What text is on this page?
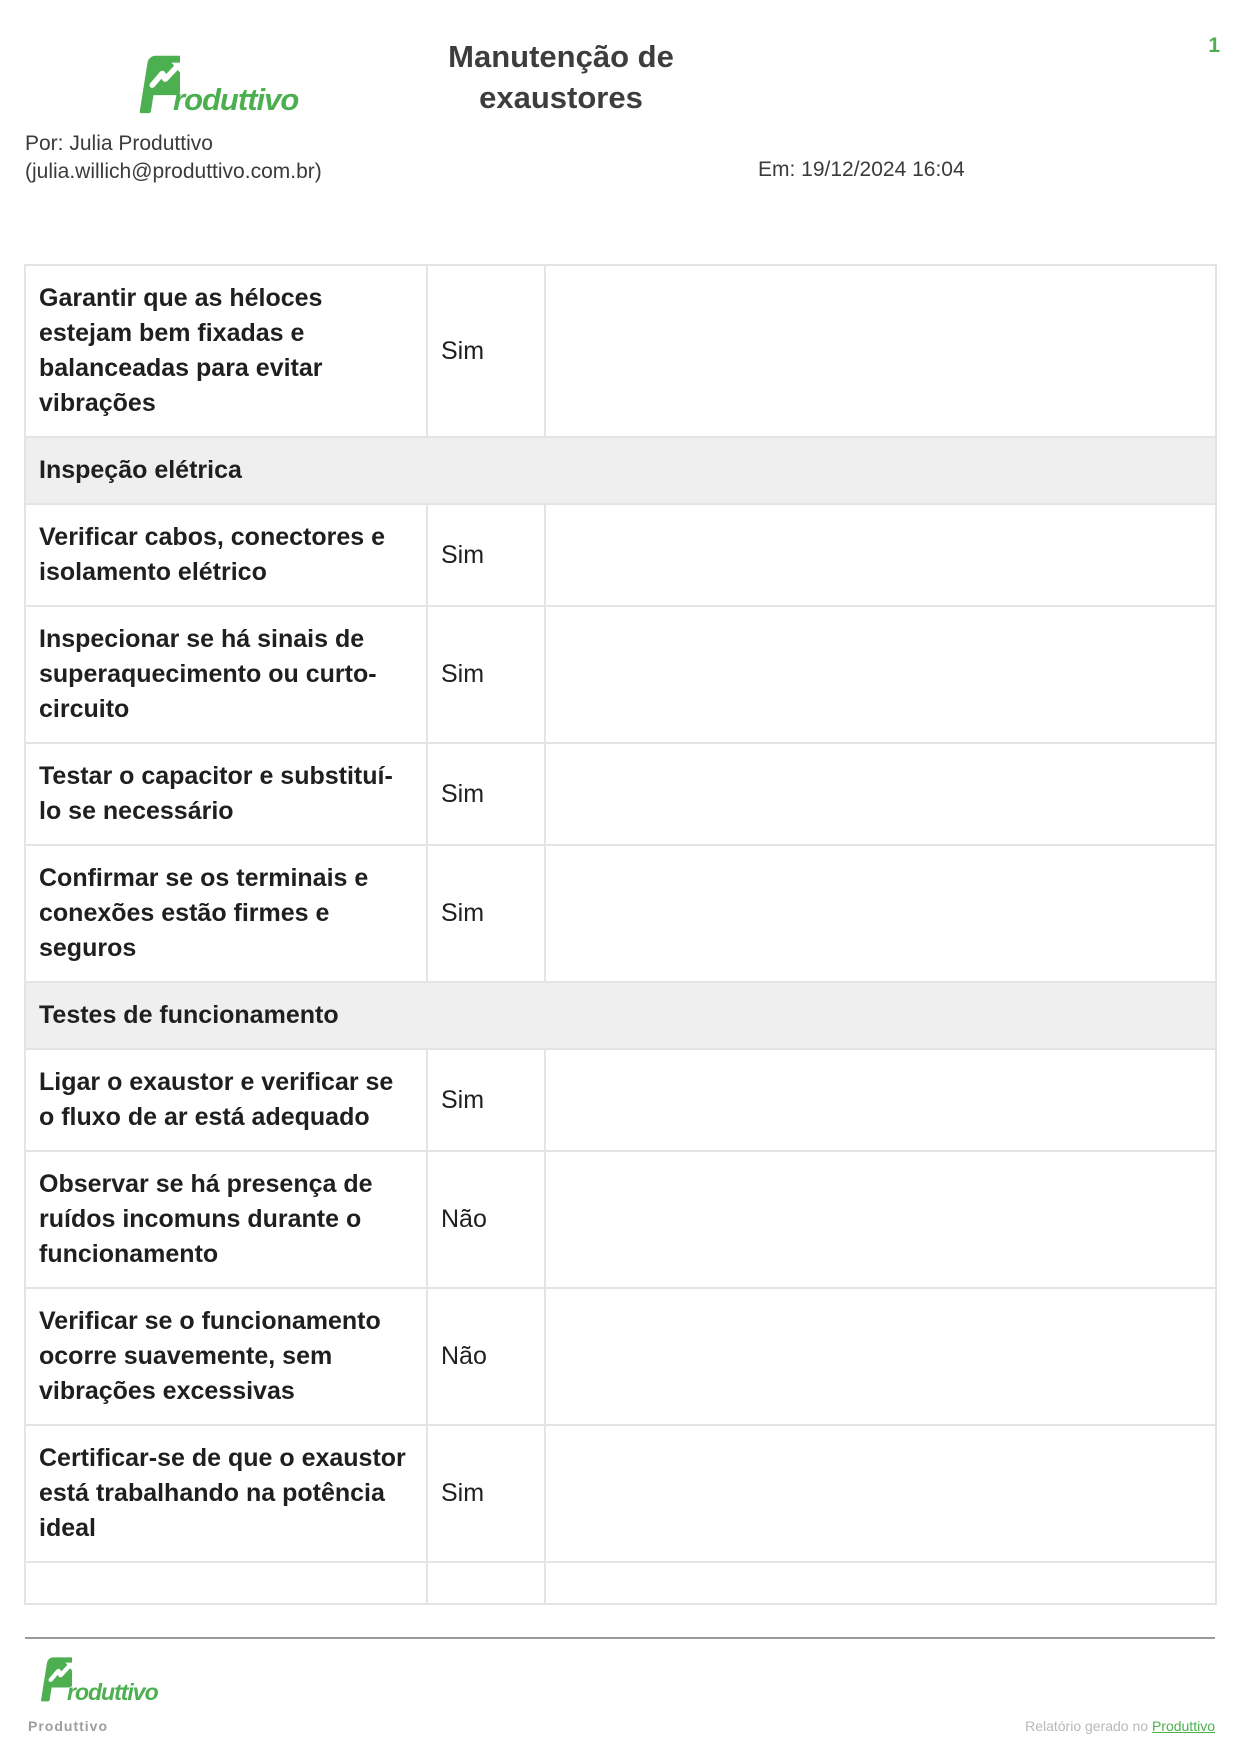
roduttivo
Manutenção de exaustores
1
Por: Julia Produttivo
(julia.willich@produttivo.com.br)	Em: 19/12/2024 16:04
Garantir que as héloces estejam bem fixadas e balanceadas para evitar vibrações	Sim	
Inspeção elétrica		
Verificar cabos, conectores e isolamento elétrico	Sim	
Inspecionar se há sinais de superaquecimento ou curto-circuito	Sim	
Testar o capacitor e substituí-lo se necessário	Sim	
Confirmar se os terminais e conexões estão firmes e seguros	Sim	
Testes de funcionamento		
Ligar o exaustor e verificar se o fluxo de ar está adequado	Sim	
Observar se há presença de ruídos incomuns durante o funcionamento	Não	
Verificar se o funcionamento ocorre suavemente, sem vibrações excessivas	Não	
Certificar-se de que o exaustor está trabalhando na potência ideal	Sim	

roduttivo
Produttivo	Relatório gerado no Produttivo
